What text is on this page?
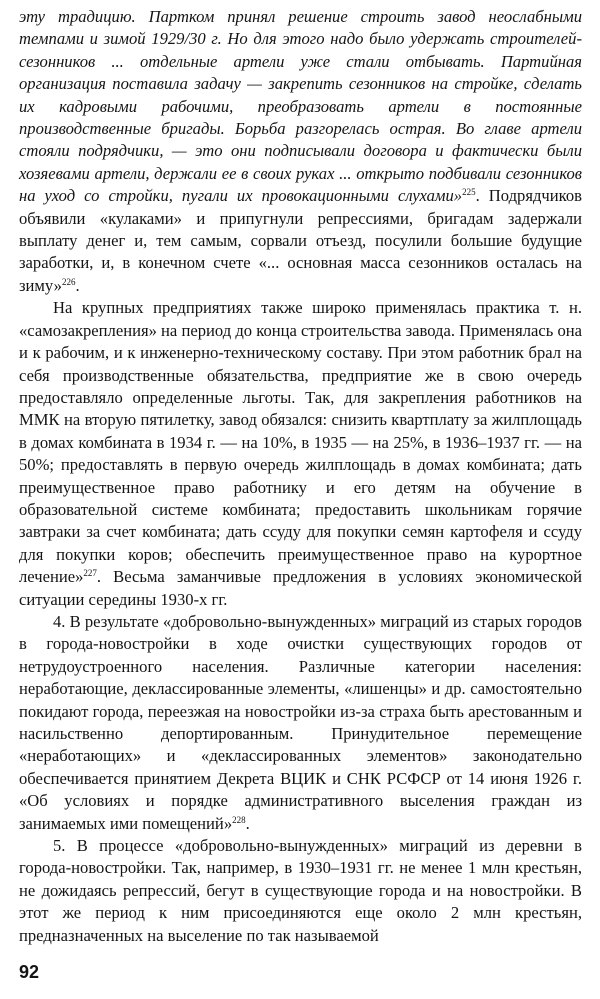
эту традицию. Партком принял решение строить завод неослабными темпами и зимой 1929/30 г. Но для этого надо было удержать строителей-сезонников ... отдельные артели уже стали отбывать. Партийная организация поставила задачу — закрепить сезонников на стройке, сделать их кадровыми рабочими, преобразовать артели в постоянные производственные бригады. Борьба разгорелась острая. Во главе артели стояли подрядчики, — это они подписывали договора и фактически были хозяевами артели, держали ее в своих руках ... открыто подбивали сезонников на уход со стройки, пугали их провокационными слухами»$^{225}$. Подрядчиков объявили «кулаками» и припугнули репрессиями, бригадам задержали выплату денег и, тем самым, сорвали отъезд, посулили большие будущие заработки, и, в конечном счете «... основная масса сезонников осталась на зиму»$^{226}$.

На крупных предприятиях также широко применялась практика т. н. «самозакрепления» на период до конца строительства завода. Применялась она и к рабочим, и к инженерно-техническому составу. При этом работник брал на себя производственные обязательства, предприятие же в свою очередь предоставляло определенные льготы. Так, для закрепления работников на ММК на вторую пятилетку, завод обязался: снизить квартплату за жилплощадь в домах комбината в 1934 г. — на 10%, в 1935 — на 25%, в 1936–1937 гг. — на 50%; предоставлять в первую очередь жилплощадь в домах комбината; дать преимущественное право работнику и его детям на обучение в образовательной системе комбината; предоставить школьникам горячие завтраки за счет комбината; дать ссуду для покупки семян картофеля и ссуду для покупки коров; обеспечить преимущественное право на курортное лечение»$^{227}$. Весьма заманчивые предложения в условиях экономической ситуации середины 1930-х гг.

4. В результате «добровольно-вынужденных» миграций из старых городов в города-новостройки в ходе очистки существующих городов от нетрудоустроенного населения. Различные категории населения: неработающие, деклассированные элементы, «лишенцы» и др. самостоятельно покидают города, переезжая на новостройки из-за страха быть арестованным и насильственно депортированным. Принудительное перемещение «неработающих» и «деклассированных элементов» законодательно обеспечивается принятием Декрета ВЦИК и СНК РСФСР от 14 июня 1926 г. «Об условиях и порядке административного выселения граждан из занимаемых ими помещений»$^{228}$.

5. В процессе «добровольно-вынужденных» миграций из деревни в города-новостройки. Так, например, в 1930–1931 гг. не менее 1 млн крестьян, не дожидаясь репрессий, бегут в существующие города и на новостройки. В этот же период к ним присоединяются еще около 2 млн крестьян, предназначенных на выселение по так называемой

92
